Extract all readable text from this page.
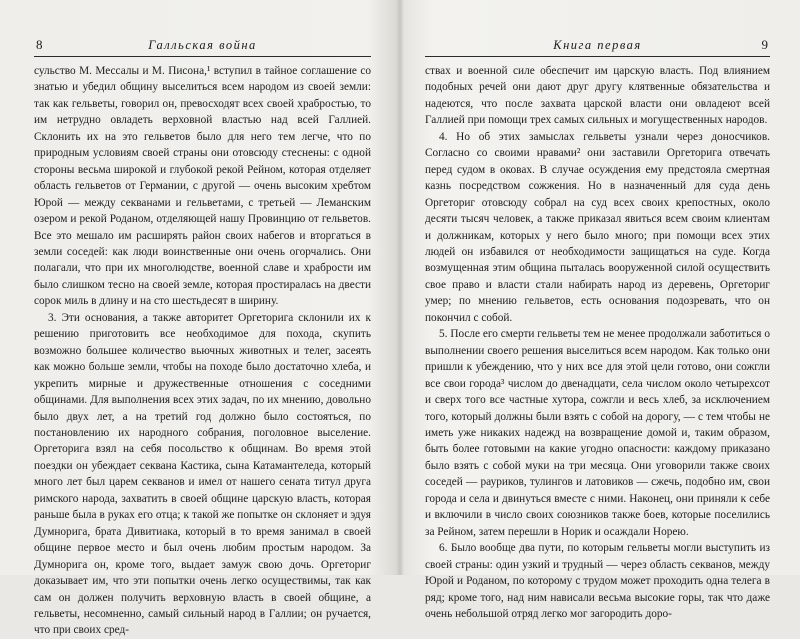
8	Галльская война

сульство М. Мессалы и М. Писона,¹ вступил в тайное соглашение со знатью и убедил общину выселиться всем народом из своей земли: так как гельветы, говорил он, превосходят всех своей храбростью, то им нетрудно овладеть верховной властью над всей Галлией. Склонить их на это гельветов было для него тем легче, что по природным условиям своей страны они отовсюду стеснены: с одной стороны весьма широкой и глубокой рекой Рейном, которая отделяет область гельветов от Германии, с другой — очень высоким хребтом Юрой — между секванами и гельветами, с третьей — Леманским озером и рекой Роданом, отделяющей нашу Провинцию от гельветов. Все это мешало им расширять район своих набегов и вторгаться в земли соседей: как люди воинственные они очень огорчались. Они полагали, что при их многолюдстве, военной славе и храбрости им было слишком тесно на своей земле, которая простиралась на двести сорок миль в длину и на сто шестьдесят в ширину.

3. Эти основания, а также авторитет Оргеторига склонили их к решению приготовить все необходимое для похода, скупить возможно большее количество вьючных животных и телег, засеять как можно больше земли, чтобы на походе было достаточно хлеба, и укрепить мирные и дружественные отношения с соседними общинами. Для выполнения всех этих задач, по их мнению, довольно было двух лет, а на третий год должно было состояться, по постановлению их народного собрания, поголовное выселение. Оргеторига взял на себя посольство к общинам. Во время этой поездки он убеждает секвана Кастика, сына Катамантеледа, который много лет был царем секванов и имел от нашего сената титул друга римского народа, захватить в своей общине царскую власть, которая раньше была в руках его отца; к такой же попытке он склоняет и эдуя Думнорига, брата Дивитиака, который в то время занимал в своей общине первое место и был очень любим простым народом. За Думнорига он, кроме того, выдает замуж свою дочь. Оргеториг доказывает им, что эти попытки очень легко осуществимы, так как сам он должен получить верховную власть в своей общине, а гельветы, несомненно, самый сильный народ в Галлии; он ручается, что при своих сред-

Книга первая	9

ствах и военной силе обеспечит им царскую власть. Под влиянием подобных речей они дают друг другу клятвенные обязательства и надеются, что после захвата царской власти они овладеют всей Галлией при помощи трех самых сильных и могущественных народов.

4. Но об этих замыслах гельветы узнали через доносчиков. Согласно со своими нравами² они заставили Оргеторига отвечать перед судом в оковах. В случае осуждения ему предстояла смертная казнь посредством сожжения. Но в назначенный для суда день Оргеториг отовсюду собрал на суд всех своих крепостных, около десяти тысяч человек, а также приказал явиться всем своим клиентам и должникам, которых у него было много; при помощи всех этих людей он избавился от необходимости защищаться на суде. Когда возмущенная этим община пыталась вооруженной силой осуществить свое право и власти стали набирать народ из деревень, Оргеториг умер; по мнению гельветов, есть основания подозревать, что он покончил с собой.

5. После его смерти гельветы тем не менее продолжали заботиться о выполнении своего решения выселиться всем народом. Как только они пришли к убеждению, что у них все для этой цели готово, они сожгли все свои города³ числом до двенадцати, села числом около четырехсот и сверх того все частные хутора, сожгли и весь хлеб, за исключением того, который должны были взять с собой на дорогу, — с тем чтобы не иметь уже никаких надежд на возвращение домой и, таким образом, быть более готовыми на какие угодно опасности: каждому приказано было взять с собой муки на три месяца. Они уговорили также своих соседей — рауриков, тулингов и латовиков — сжечь, подобно им, свои города и села и двинуться вместе с ними. Наконец, они приняли к себе и включили в число своих союзников также боев, которые поселились за Рейном, затем перешли в Норик и осаждали Норею.

6. Было вообще два пути, по которым гельветы могли выступить из своей страны: один узкий и трудный — через область секванов, между Юрой и Роданом, по которому с трудом может проходить одна телега в ряд; кроме того, над ним нависали весьма высокие горы, так что даже очень небольшой отряд легко мог загородить доро-
